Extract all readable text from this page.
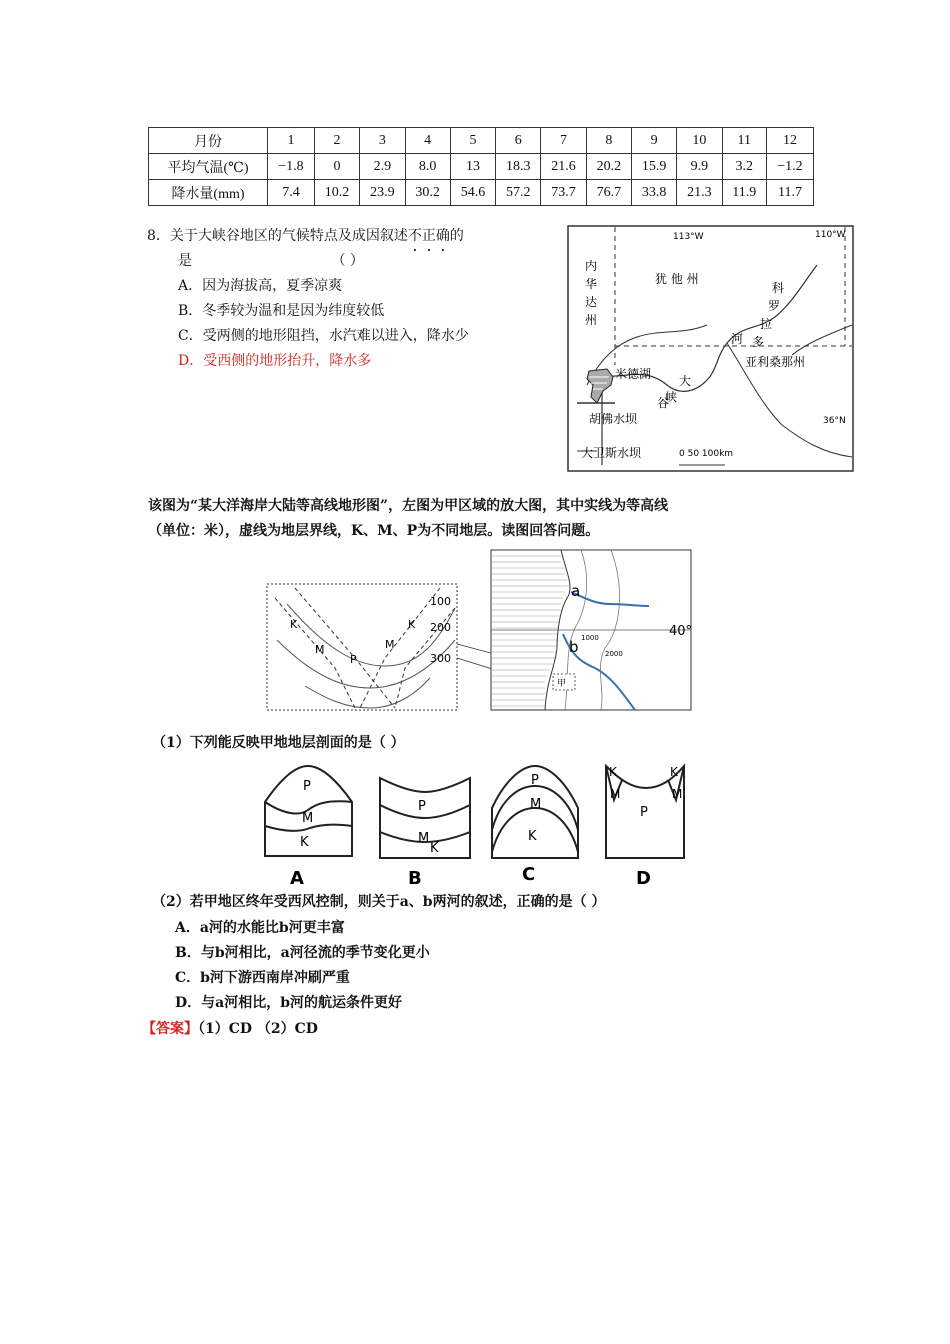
月份	1	2	3	4	5	6	7	8	9	10	11	12
平均气温(℃)	−1.8	0	2.9	8.0	13	18.3	21.6	20.2	15.9	9.9	3.2	−1.2
降水量(mm)	7.4	10.2	23.9	30.2	54.6	57.2	73.7	76.7	33.8	21.3	11.9	11.7
8．关于大峡谷地区的气候特点及成因叙述不正确的
是	（ ）
A．因为海拔高，夏季凉爽
B．冬季较为温和是因为纬度较低
C．受两侧的地形阻挡，水汽难以进入，降水少
D．受西侧的地形抬升，降水多
113°W	110°W
36°N
内
华
达
州
犹 他 州
科
罗
拉
多
河
亚利桑那州
米德湖 大
峡
谷
胡佛水坝
大卫斯水坝	0 50 100km
该图为“某大洋海岸大陆等高线地形图”，左图为甲区域的放大图，其中实线为等高线
（单位：米），虚线为地层界线，K、M、P为不同地层。读图回答问题。
100
200
300
K	K
M	M
P
40°
a
b 1000
2000
甲
（1）下列能反映甲地地层剖面的是（ ）
P
M
K
A
P
M
K
B
P
M
K
C
K	K
M	M
P
D
（2）若甲地区终年受西风控制，则关于a、b两河的叙述，正确的是（ ）
A．a河的水能比b河更丰富
B．与b河相比，a河径流的季节变化更小
C．b河下游西南岸冲刷严重
D．与a河相比，b河的航运条件更好
【答案】（1）CD （2）CD
